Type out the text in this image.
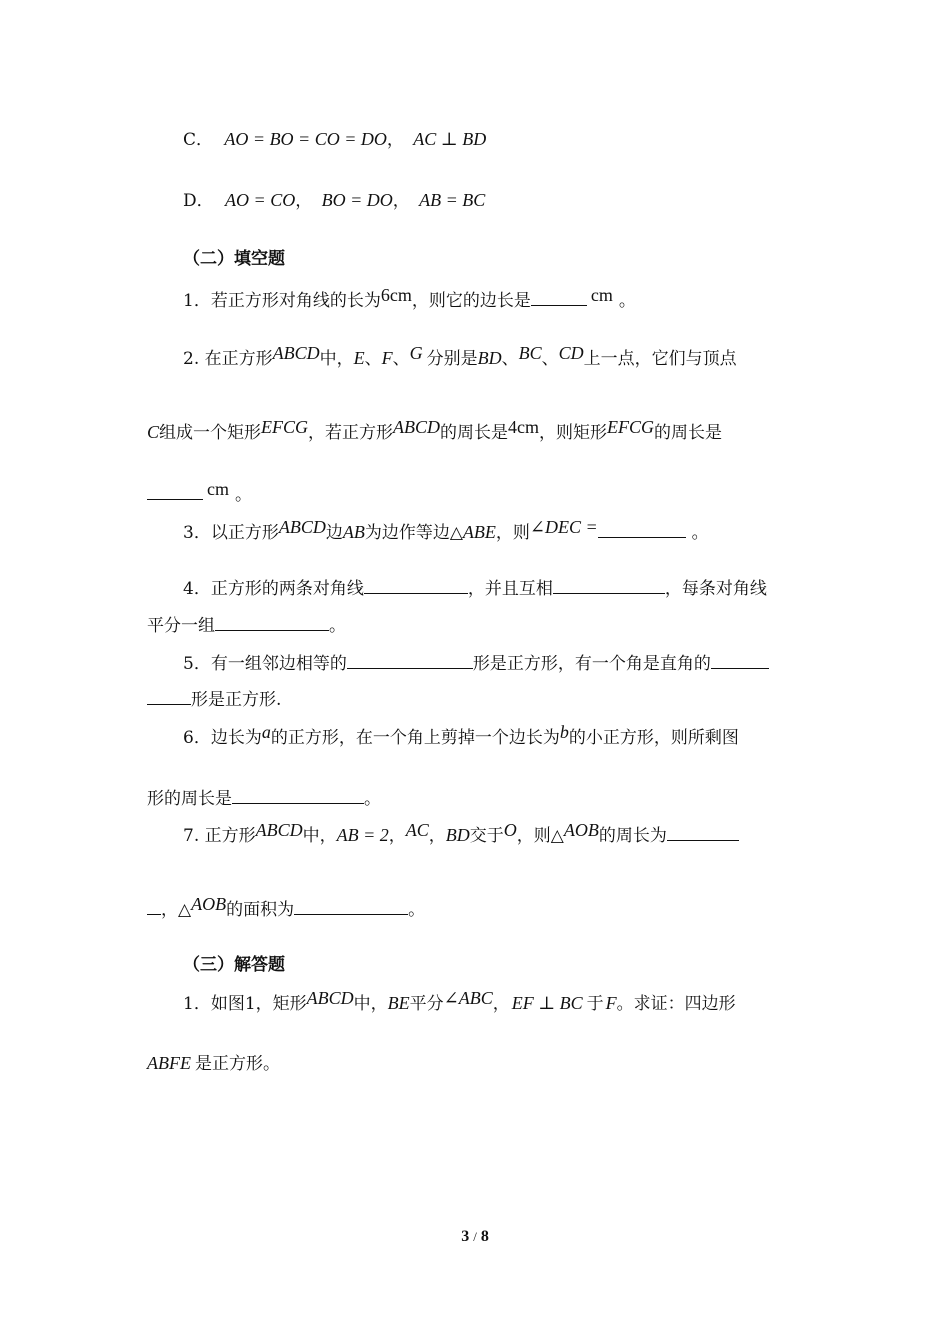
C． AO = BO = CO = DO， AC ⊥ BD
D． AO = CO， BO = DO， AB = BC
（二）填空题
1．若正方形对角线的长为6cm，则它的边长是	cm 。
2. 在正方形ABCD中，E、F、G 分别是BD、BC、CD上一点，它们与顶点
C组成一个矩形EFCG，若正方形ABCD的周长是4cm，则矩形EFCG的周长是
cm 。
3．以正方形ABCD边AB为边作等边△ABE，则∠DEC =	。
4．正方形的两条对角线	，并且互相	，每条对角线
平分一组	。
5．有一组邻边相等的	形是正方形，有一个角是直角的
形是正方形.
6．边长为a的正方形，在一个角上剪掉一个边长为b的小正方形，则所剩图
形的周长是	。
7. 正方形ABCD中，AB = 2，AC，BD交于O，则△AOB的周长为
，△AOB的面积为	。
（三）解答题
1．如图1，矩形ABCD中，BE平分∠ABC， EF ⊥ BC 于 F。求证：四边形
ABFE 是正方形。
3 / 8
